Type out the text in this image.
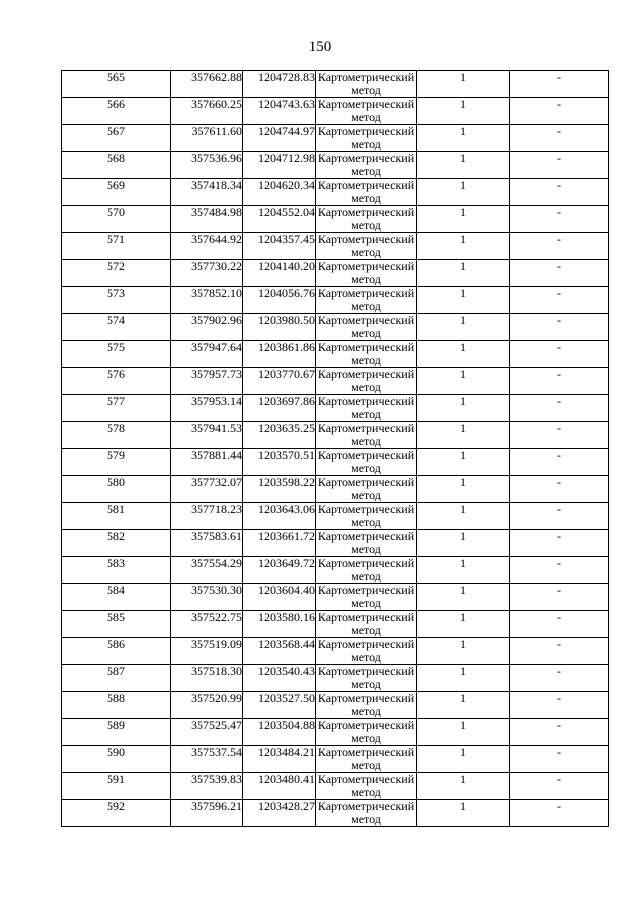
150
565	357662.88	1204728.83	Картометрический метод	1	-
566	357660.25	1204743.63	Картометрический метод	1	-
567	357611.60	1204744.97	Картометрический метод	1	-
568	357536.96	1204712.98	Картометрический метод	1	-
569	357418.34	1204620.34	Картометрический метод	1	-
570	357484.98	1204552.04	Картометрический метод	1	-
571	357644.92	1204357.45	Картометрический метод	1	-
572	357730.22	1204140.20	Картометрический метод	1	-
573	357852.10	1204056.76	Картометрический метод	1	-
574	357902.96	1203980.50	Картометрический метод	1	-
575	357947.64	1203861.86	Картометрический метод	1	-
576	357957.73	1203770.67	Картометрический метод	1	-
577	357953.14	1203697.86	Картометрический метод	1	-
578	357941.53	1203635.25	Картометрический метод	1	-
579	357881.44	1203570.51	Картометрический метод	1	-
580	357732.07	1203598.22	Картометрический метод	1	-
581	357718.23	1203643.06	Картометрический метод	1	-
582	357583.61	1203661.72	Картометрический метод	1	-
583	357554.29	1203649.72	Картометрический метод	1	-
584	357530.30	1203604.40	Картометрический метод	1	-
585	357522.75	1203580.16	Картометрический метод	1	-
586	357519.09	1203568.44	Картометрический метод	1	-
587	357518.30	1203540.43	Картометрический метод	1	-
588	357520.99	1203527.50	Картометрический метод	1	-
589	357525.47	1203504.88	Картометрический метод	1	-
590	357537.54	1203484.21	Картометрический метод	1	-
591	357539.83	1203480.41	Картометрический метод	1	-
592	357596.21	1203428.27	Картометрический метод	1	-
